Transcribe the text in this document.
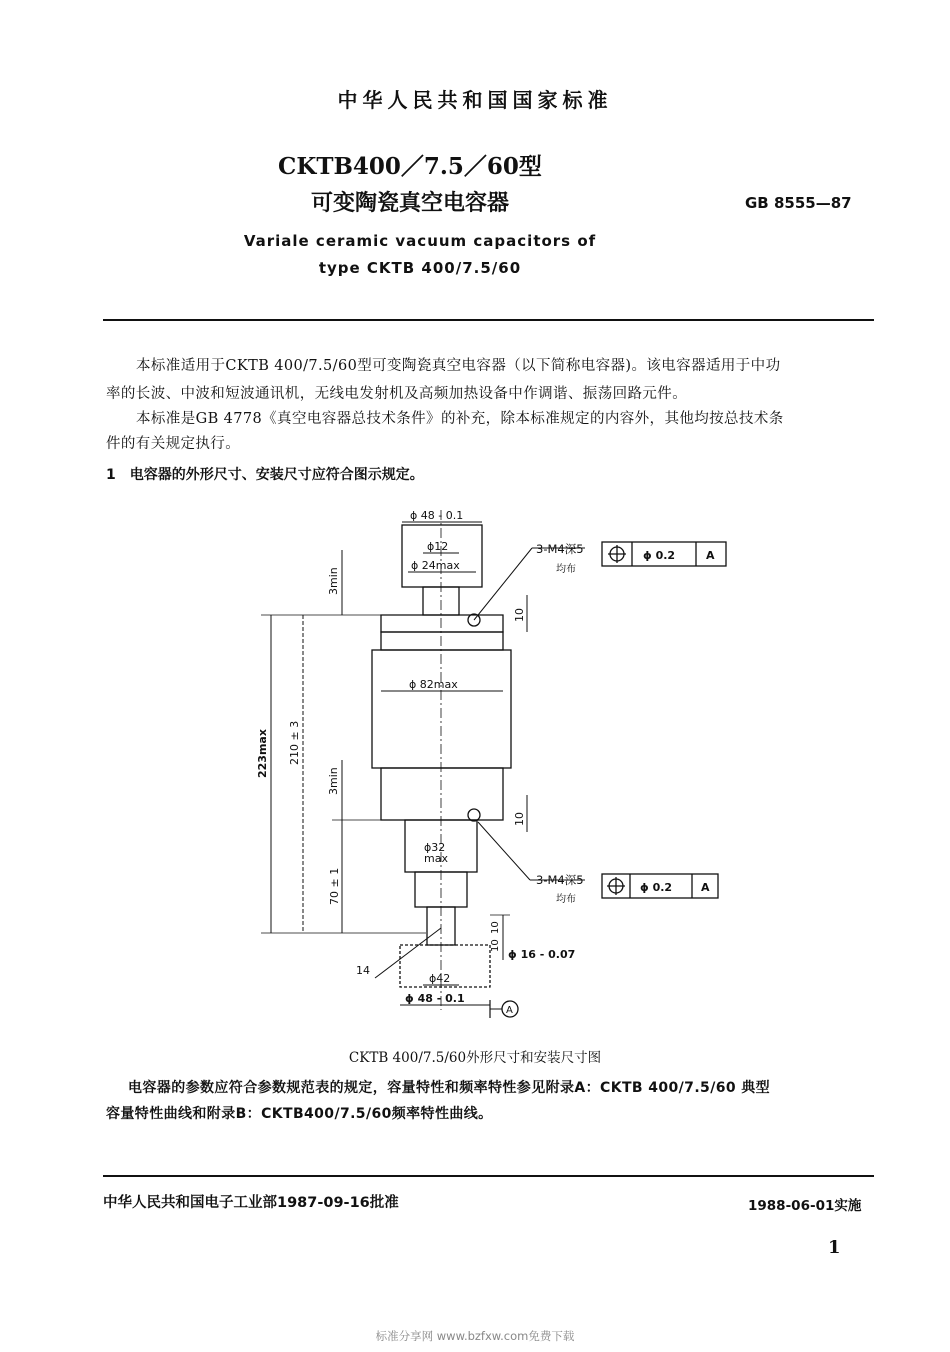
中华人民共和国国家标准
CKTB400／7.5／60型
可变陶瓷真空电容器	GB 8555—87
Variale ceramic vacuum capacitors of
type CKTB 400/7.5/60
本标准适用于CKTB 400/7.5/60型可变陶瓷真空电容器（以下简称电容器)。该电容器适用于中功
率的长波、中波和短波通讯机，无线电发射机及高频加热设备中作调谐、振荡回路元件。
本标准是GB 4778《真空电容器总技术条件》的补充，除本标准规定的内容外，其他均按总技术条
件的有关规定执行。
1　电容器的外形尺寸、安装尺寸应符合图示规定。
ϕ 48 - 0.1
ϕ12
ϕ 24max
3-M4深5
均布
ϕ 0.2	A
ϕ 82max
223max 210 ± 3
3min
3min
10
10
ϕ32
max
3-M4深5
均布
ϕ 0.2	A
70 ± 1
10
10
ϕ 16 - 0.07
14
ϕ42
ϕ 48 - 0.1
A
CKTB 400/7.5/60外形尺寸和安装尺寸图
电容器的参数应符合参数规范表的规定，容量特性和频率特性参见附录A：CKTB 400/7.5/60 典型
容量特性曲线和附录B：CKTB400/7.5/60频率特性曲线。
中华人民共和国电子工业部1987-09-16批准	1988-06-01实施
1
标准分享网 www.bzfxw.com免费下载
